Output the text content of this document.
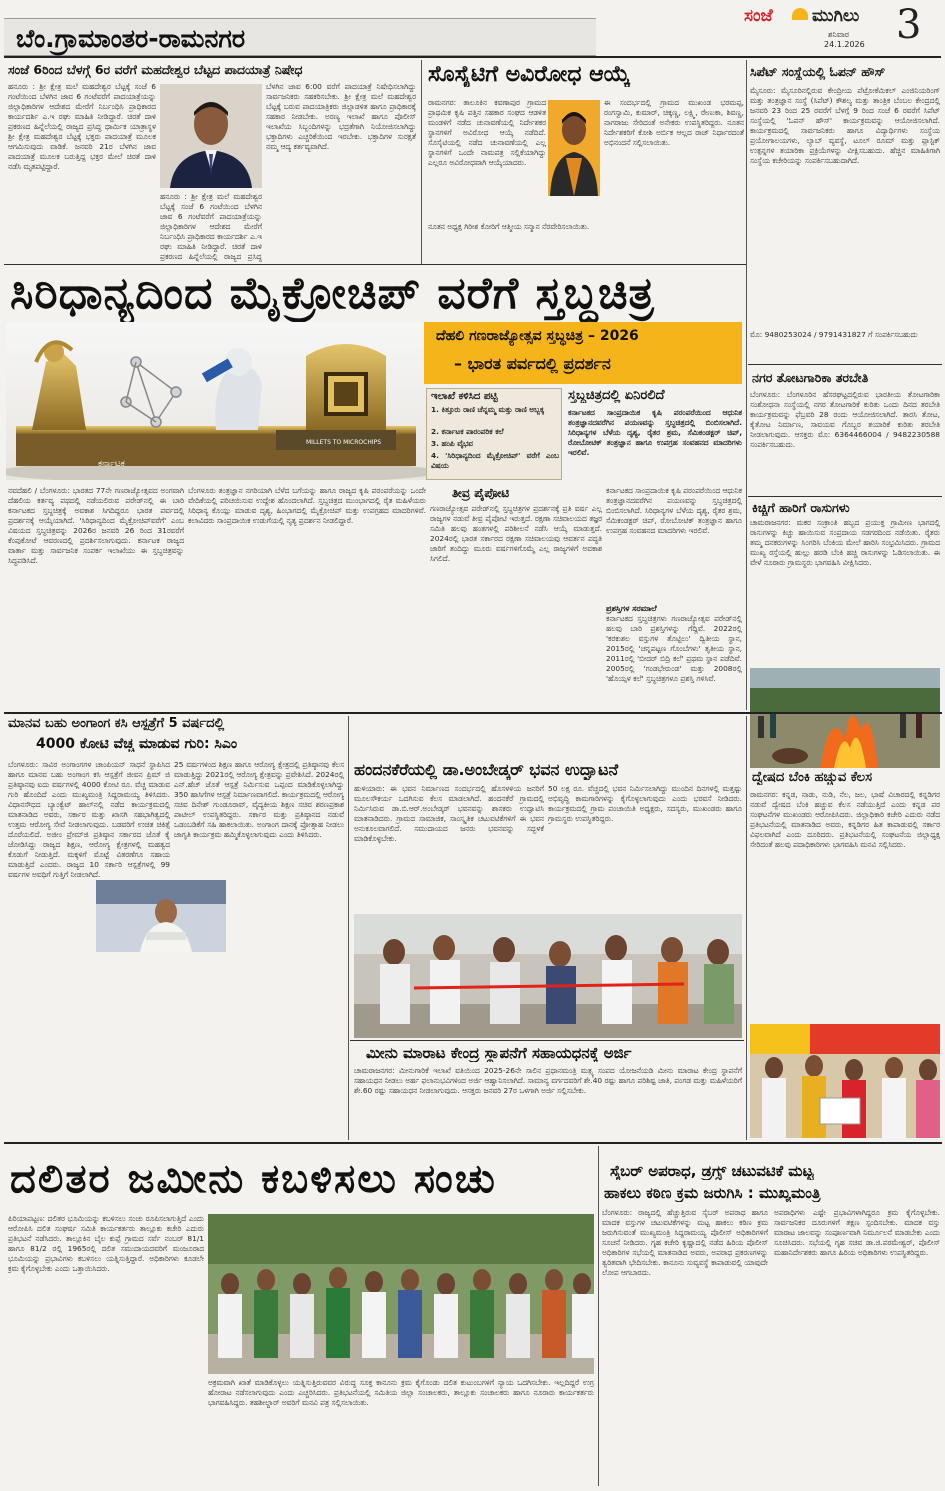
ಬೆಂ.ಗ್ರಾಮಾಂತರ-ರಾಮನಗರ
ಸಂಜೆ ಮುಗಿಲು
ಶನಿವಾರ
24.1.2026 3
ಸಂಜೆ 6ರಿಂದ ಬೆಳಗ್ಗೆ 6ರ ವರೆಗೆ ಮಹದೇಶ್ವರ ಬೆಟ್ಟದ ಪಾದಯಾತ್ರೆ ನಿಷೇಧ
ಹನೂರು : ಶ್ರೀ ಕ್ಷೇತ್ರ ಮಲೆ ಮಹದೇಶ್ವರ ಬೆಟ್ಟಕ್ಕೆ ಸಂಜೆ 6 ಗಂಟೆಯಿಂದ ಬೆಳಗಿನ ಜಾವ 6 ಗಂಟೆವರೆಗೆ ಪಾದಯಾತ್ರೆಯನ್ನು ಜಿಲ್ಲಾಧಿಕಾರಿಗಳ ಆದೇಶದ ಮೇರೆಗೆ ನಿರ್ಬಂಧಿಸಿ ಪ್ರಾಧಿಕಾರದ ಕಾರ್ಯದರ್ಶಿ ಎ.ಇ ರಘು ಮಾಹಿತಿ ನೀಡಿದ್ದಾರೆ. ಚಿರತೆ ದಾಳಿ ಪ್ರಕರಣದ ಹಿನ್ನೆಲೆಯಲ್ಲಿ ರಾಜ್ಯದ ಪ್ರಸಿದ್ಧ ಧಾರ್ಮಿಕ ಯಾತ್ರಾಸ್ಥಳ ಶ್ರೀ ಕ್ಷೇತ್ರ ಮಹದೇಶ್ವರ ಬೆಟ್ಟಕ್ಕೆ ಭಕ್ತರು ಪಾದಯಾತ್ರೆ ಮೂಲಕ ಆಗಮಿಸುವುದು ವಾಡಿಕೆ. ಜನವರಿ 21ರ ಬೆಳಗಿನ ಜಾವ ಪಾದಯಾತ್ರೆ ಮೂಲಕ ಬರುತ್ತಿದ್ದ ಭಕ್ತರ ಮೇಲೆ ಚಿರತೆ ದಾಳಿ ನಡೆಸಿ ಮೃತಪಟ್ಟಿದ್ದಾರೆ.
ಬೆಳಗಿನ ಜಾವ 6:00 ವರೆಗೆ ಪಾದಯಾತ್ರೆ ನಿಷೇಧಿಸಲಾಗಿದ್ದು ಸಾರ್ವಜನಿಕರು ಸಹಕರಿಸಬೇಕು. ಶ್ರೀ ಕ್ಷೇತ್ರ ಮಲೆ ಮಹದೇಶ್ವರ ಬೆಟ್ಟಕ್ಕೆ ಬರುವ ಪಾದಯಾತ್ರಿಕರು ಜಿಲ್ಲಾಡಳಿತ ಹಾಗೂ ಪ್ರಾಧಿಕಾರಕ್ಕೆ ಸಹಕಾರ ನೀಡಬೇಕು. ಅರಣ್ಯ ಇಲಾಖೆ ಹಾಗೂ ಪೊಲೀಸ್ ಇಲಾಖೆಯ ಸಿಬ್ಬಂದಿಗಳನ್ನು ಭದ್ರತೆಗಾಗಿ ನಿಯೋಜಿಸಲಾಗಿದ್ದು ಭಕ್ತಾದಿಗಳು ಎಚ್ಚರಿಕೆಯಿಂದ ಇರಬೇಕು. ಭಕ್ತಾದಿಗಳ ಸುರಕ್ಷತೆ ನಮ್ಮ ಆದ್ಯ ಕರ್ತವ್ಯವಾಗಿದೆ.
ಹನೂರು : ಶ್ರೀ ಕ್ಷೇತ್ರ ಮಲೆ ಮಹದೇಶ್ವರ ಬೆಟ್ಟಕ್ಕೆ ಸಂಜೆ 6 ಗಂಟೆಯಿಂದ ಬೆಳಗಿನ ಜಾವ 6 ಗಂಟೆವರೆಗೆ ಪಾದಯಾತ್ರೆಯನ್ನು ಜಿಲ್ಲಾಧಿಕಾರಿಗಳ ಆದೇಶದ ಮೇರೆಗೆ ನಿರ್ಬಂಧಿಸಿ ಪ್ರಾಧಿಕಾರದ ಕಾರ್ಯದರ್ಶಿ ಎ.ಇ ರಘು ಮಾಹಿತಿ ನೀಡಿದ್ದಾರೆ. ಚಿರತೆ ದಾಳಿ ಪ್ರಕರಣದ ಹಿನ್ನೆಲೆಯಲ್ಲಿ ರಾಜ್ಯದ ಪ್ರಸಿದ್ಧ
ಸೊಸೈಟಿಗೆ ಅವಿರೋಧ ಆಯ್ಕೆ
ರಾಮನಗರ: ತಾಲೂಕಿನ ಕವಣಾಪುರ ಗ್ರಾಮದ ಪ್ರಾಥಮಿಕ ಕೃಷಿ ಪತ್ತಿನ ಸಹಕಾರ ಸಂಘದ ಆಡಳಿತ ಮಂಡಳಿಗೆ ನಡೆದ ಚುನಾವಣೆಯಲ್ಲಿ ನಿರ್ದೇಶಕರ ಸ್ಥಾನಗಳಿಗೆ ಅವಿರೋಧ ಆಯ್ಕೆ ನಡೆದಿದೆ. ಸೊಸೈಟಿಯಲ್ಲಿ ನಡೆದ ಚುನಾವಣೆಯಲ್ಲಿ ಎಲ್ಲ ಸ್ಥಾನಗಳಿಗೆ ಒಂದೇ ನಾಮಪತ್ರ ಸಲ್ಲಿಕೆಯಾಗಿದ್ದು ಎಲ್ಲರೂ ಅವಿರೋಧವಾಗಿ ಆಯ್ಕೆಯಾದರು.
ಈ ಸಂದರ್ಭದಲ್ಲಿ ಗ್ರಾಮದ ಮುಖಂಡ ಭರಮಪ್ಪ, ರಂಗಸ್ವಾಮಿ, ಕುಮಾರ್, ಚಿಕ್ಕಣ್ಣ, ಲಕ್ಷ್ಮಿ, ರೇಣುಕಾ, ಶಿವಣ್ಣ, ನಾಗರಾಜು ಸೇರಿದಂತೆ ಅನೇಕರು ಉಪಸ್ಥಿತರಿದ್ದರು. ನೂತನ ನಿರ್ದೇಶಕರಿಗೆ ಕೋಶಿ ಅರ್ಬಿಕ ಆಲ್ಲದ ರಾಜ್ ನಿರ್ಧಾರದಂತೆ ಅಭಿನಂದನೆ ಸಲ್ಲಿಸಲಾಯಿತು.
ನೂತನ ಅಧ್ಯಕ್ಷ ಗಿರೀಶ ಕೋರಿಗೆ ಆತ್ಮೀಯ ಸನ್ಮಾನ ನೆರವೇರಿಸಲಾಯಿತು.
ಸಿಪೆಟ್ ಸಂಸ್ಥೆಯಲ್ಲಿ ಓಪನ್ ಹೌಸ್
ಮೈಸೂರು: ಮೈಸೂರಿನಲ್ಲಿರುವ ಕೇಂದ್ರೀಯ ಪೆಟ್ರೋಕೆಮಿಕಲ್ ಎಂಜಿನಿಯರಿಂಗ್ ಮತ್ತು ತಂತ್ರಜ್ಞಾನ ಸಂಸ್ಥೆ (ಸಿಪೆಟ್) ಕೌಶಲ್ಯ ಮತ್ತು ತಾಂತ್ರಿಕ ಬೆಂಬಲ ಕೇಂದ್ರದಲ್ಲಿ ಜನವರಿ 23 ರಿಂದ 25 ರವರೆಗೆ ಬೆಳಗ್ಗೆ 9 ರಿಂದ ಸಂಜೆ 6 ರವರೆಗೆ ಸಿಪೆಟ್ ಸಂಸ್ಥೆಯಲ್ಲಿ 'ಓಪನ್ ಹೌಸ್' ಕಾರ್ಯಕ್ರಮವನ್ನು ಆಯೋಜಿಸಲಾಗಿದೆ. ಕಾರ್ಯಕ್ರಮದಲ್ಲಿ ಸಾರ್ವಜನಿಕರು ಹಾಗೂ ವಿದ್ಯಾರ್ಥಿಗಳು ಸಂಸ್ಥೆಯ ಪ್ರಯೋಗಾಲಯಗಳು, ಲ್ಯಾಬ್ ವ್ಯವಸ್ಥೆ, ಟೂಲ್ ರೂಮ್ ಮತ್ತು ಪ್ಲಾಸ್ಟಿಕ್ ಉತ್ಪನ್ನಗಳ ತಯಾರಿಕಾ ಪ್ರಕ್ರಿಯೆಗಳನ್ನು ವೀಕ್ಷಿಸಬಹುದು. ಹೆಚ್ಚಿನ ಮಾಹಿತಿಗಾಗಿ ಸಂಸ್ಥೆಯ ಕಚೇರಿಯನ್ನು ಸಂಪರ್ಕಿಸಬಹುದಾಗಿದೆ.
ಮೊ: 9480253024 / 9791431827 ಗೆ ಸಂಪರ್ಕಿಸಬಹುದು
ನಗರ ತೋಟಗಾರಿಕಾ ತರಬೇತಿ
ಬೆಂಗಳೂರು: ಬೆಂಗಳೂರಿನ ಹೆಸರಘಟ್ಟದಲ್ಲಿರುವ ಭಾರತೀಯ ತೋಟಗಾರಿಕಾ ಸಂಶೋಧನಾ ಸಂಸ್ಥೆಯಲ್ಲಿ ನಗರ ತೋಟಗಾರಿಕೆ ಕುರಿತು ಒಂದು ದಿನದ ತರಬೇತಿ ಕಾರ್ಯಕ್ರಮವನ್ನು ಫೆಬ್ರವರಿ 28 ರಂದು ಆಯೋಜಿಸಲಾಗಿದೆ. ತಾರಸಿ ತೋಟ, ಕೈತೋಟ ನಿರ್ಮಾಣ, ಸಾವಯವ ಗೊಬ್ಬರ ತಯಾರಿಕೆ ಕುರಿತು ತರಬೇತಿ ನೀಡಲಾಗುವುದು. ಆಸಕ್ತರು ಮೊ: 6364466004 / 9482230588 ಸಂಪರ್ಕಿಸಬಹುದು.
ಕಿಚ್ಚಿಗೆ ಹಾರಿಗೆ ರಾಸುಗಳು
ಚಾಮರಾಜನಗರ: ಮಕರ ಸಂಕ್ರಾಂತಿ ಹಬ್ಬದ ಪ್ರಯುಕ್ತ ಗ್ರಾಮೀಣ ಭಾಗದಲ್ಲಿ ರಾಸುಗಳನ್ನು ಕಿಚ್ಚು ಹಾಯಿಸುವ ಸಂಪ್ರದಾಯ ಸಡಗರದಿಂದ ನಡೆಯಿತು. ರೈತರು ತಮ್ಮ ದನಕರುಗಳನ್ನು ಸಿಂಗರಿಸಿ ಬೆಂಕಿಯ ಮೇಲೆ ಹಾರಿಸಿ ಸಂಭ್ರಮಿಸಿದರು. ಗ್ರಾಮದ ಮುಖ್ಯ ರಸ್ತೆಯಲ್ಲಿ ಹುಲ್ಲು ಹರಡಿ ಬೆಂಕಿ ಹಚ್ಚಿ ರಾಸುಗಳನ್ನು ಓಡಿಸಲಾಯಿತು. ಈ ವೇಳೆ ನೂರಾರು ಗ್ರಾಮಸ್ಥರು ಭಾಗವಹಿಸಿ ವೀಕ್ಷಿಸಿದರು.
ಸಿರಿಧಾನ್ಯದಿಂದ ಮೈಕ್ರೋಚಿಪ್ ವರೆಗೆ ಸ್ತಬ್ಧಚಿತ್ರ
MILLETS TO MICROCHIPS
ಕರ್ನಾಟಕ
ದೆಹಲಿ ಗಣರಾಜ್ಯೋತ್ಸವ ಸ್ತಬ್ಧಚಿತ್ರ – 2026
– ಭಾರತ ಪರ್ವದಲ್ಲಿ ಪ್ರದರ್ಶನ
ಇಲಾಖೆ ಕಳಿಸಿದ ಪಟ್ಟಿ
1. ಕಿತ್ತೂರು ರಾಣಿ ಚೆನ್ನಮ್ಮ ಮತ್ತು ರಾಣಿ ಅಬ್ಬಕ್ಕ
2. ಕರ್ನಾಟಕ ಪಾರಂಪರಿಕ ಕಲೆ
3. ಹಂಪಿ ವೈಭವ
4. 'ಸಿರಿಧಾನ್ಯದಿಂದ ಮೈಕ್ರೋಚಿಪ್' ವರೆಗೆ ಎಂಬ ವಿಷಯ
ಸ್ತಬ್ಧಚಿತ್ರದಲ್ಲಿ ಏನಿರಲಿದೆ
ಕರ್ನಾಟಕದ ಸಾಂಪ್ರದಾಯಿಕ ಕೃಷಿ ಪರಂಪರೆಯಿಂದ ಆಧುನಿಕ ತಂತ್ರಜ್ಞಾನದವರೆಗಿನ ಪಯಣವನ್ನು ಸ್ತಬ್ಧಚಿತ್ರದಲ್ಲಿ ಬಿಂಬಿಸಲಾಗಿದೆ. ಸಿರಿಧಾನ್ಯಗಳ ಬೆಳೆಯ ದೃಶ್ಯ, ರೈತರ ಶ್ರಮ, ಸೆಮಿಕಂಡಕ್ಟರ್ ಚಿಪ್, ರೋಬೋಟಿಕ್ ತಂತ್ರಜ್ಞಾನ ಹಾಗೂ ಉಪಗ್ರಹ ಸಂವಹನದ ಮಾದರಿಗಳು ಇರಲಿವೆ.
ನವದೆಹಲಿ / ಬೆಂಗಳೂರು: ಭಾರತದ 77ನೇ ಗಣರಾಜ್ಯೋತ್ಸವದ ಅಂಗವಾಗಿ ದೆಹಲಿಯ ಕರ್ತವ್ಯ ಪಥದಲ್ಲಿ ನಡೆಯಲಿರುವ ಪರೇಡ್‌ನಲ್ಲಿ ಈ ಬಾರಿ ಕರ್ನಾಟಕದ ಸ್ತಬ್ಧಚಿತ್ರಕ್ಕೆ ಅವಕಾಶ ಸಿಗದಿದ್ದರೂ ಭಾರತ ಪರ್ವದಲ್ಲಿ ಪ್ರದರ್ಶನಕ್ಕೆ ಆಯ್ಕೆಯಾಗಿದೆ. 'ಸಿರಿಧಾನ್ಯದಿಂದ ಮೈಕ್ರೋಚಿಪ್‌ವರೆಗೆ' ಎಂಬ ವಿಷಯದ ಸ್ತಬ್ಧಚಿತ್ರವನ್ನು 2026ರ ಜನವರಿ 26 ರಿಂದ 31ರವರೆಗೆ ಕೆಂಪುಕೋಟೆ ಆವರಣದಲ್ಲಿ ಪ್ರದರ್ಶಿಸಲಾಗುವುದು. ಕರ್ನಾಟಕ ರಾಜ್ಯದ ವಾರ್ತಾ ಮತ್ತು ಸಾರ್ವಜನಿಕ ಸಂಪರ್ಕ ಇಲಾಖೆಯು ಈ ಸ್ತಬ್ಧಚಿತ್ರವನ್ನು ಸಿದ್ಧಪಡಿಸಿದೆ.
ಬೆಂಗಳೂರು ತಂತ್ರಜ್ಞಾನ ನಗರಿಯಾಗಿ ಬೆಳೆದ ಬಗೆಯನ್ನು ಹಾಗೂ ರಾಜ್ಯದ ಕೃಷಿ ಪರಂಪರೆಯನ್ನು ಒಂದೇ ವೇದಿಕೆಯಲ್ಲಿ ಪರಿಚಯಿಸುವ ಉದ್ದೇಶ ಹೊಂದಲಾಗಿದೆ. ಸ್ತಬ್ಧಚಿತ್ರದ ಮುಂಭಾಗದಲ್ಲಿ ರೈತ ಮಹಿಳೆಯರು ಸಿರಿಧಾನ್ಯ ಕೊಯ್ಲು ಮಾಡುವ ದೃಶ್ಯ, ಹಿಂಭಾಗದಲ್ಲಿ ಮೈಕ್ರೋಚಿಪ್ ಮತ್ತು ಉಪಗ್ರಹದ ಮಾದರಿಗಳಿವೆ. ಕಲಾವಿದರು ಸಾಂಪ್ರದಾಯಿಕ ಉಡುಗೆಯಲ್ಲಿ ನೃತ್ಯ ಪ್ರದರ್ಶನ ನೀಡಲಿದ್ದಾರೆ.
ತೀವ್ರ ಪೈಪೋಟಿ
ಗಣರಾಜ್ಯೋತ್ಸವ ಪರೇಡ್‌ನಲ್ಲಿ ಸ್ತಬ್ಧಚಿತ್ರಗಳ ಪ್ರದರ್ಶನಕ್ಕೆ ಪ್ರತಿ ವರ್ಷ ಎಲ್ಲ ರಾಜ್ಯಗಳ ನಡುವೆ ತೀವ್ರ ಪೈಪೋಟಿ ಇರುತ್ತದೆ. ರಕ್ಷಣಾ ಸಚಿವಾಲಯದ ತಜ್ಞರ ಸಮಿತಿ ಹಲವು ಹಂತಗಳಲ್ಲಿ ಪರಿಶೀಲನೆ ನಡೆಸಿ ಆಯ್ಕೆ ಮಾಡುತ್ತದೆ. 2024ರಲ್ಲಿ ಭಾರತ ಸರ್ಕಾರದ ರಕ್ಷಣಾ ಸಚಿವಾಲಯವು ಆವರ್ತನ ಪದ್ಧತಿ ಜಾರಿಗೆ ತಂದಿದ್ದು ಮೂರು ವರ್ಷಗಳಿಗೊಮ್ಮೆ ಎಲ್ಲ ರಾಜ್ಯಗಳಿಗೆ ಅವಕಾಶ ಸಿಗಲಿದೆ.
ಪ್ರಶಸ್ತಿಗಳ ಸರಮಾಲೆ
ಕರ್ನಾಟಕದ ಸ್ತಬ್ಧಚಿತ್ರಗಳು ಗಣರಾಜ್ಯೋತ್ಸವ ಪರೇಡ್‌ನಲ್ಲಿ ಹಲವು ಬಾರಿ ಪ್ರಶಸ್ತಿಗಳನ್ನು ಗೆದ್ದಿವೆ. 2022ರಲ್ಲಿ 'ಕರಕುಶಲ ವಸ್ತುಗಳ ತೊಟ್ಟಿಲು' ದ್ವಿತೀಯ ಸ್ಥಾನ, 2015ರಲ್ಲಿ 'ಚನ್ನಪಟ್ಟಣ ಗೊಂಬೆಗಳು' ತೃತೀಯ ಸ್ಥಾನ, 2011ರಲ್ಲಿ 'ಬೀದರ್ ಬಿದ್ರಿ ಕಲೆ' ಪ್ರಥಮ ಸ್ಥಾನ ಪಡೆದಿವೆ. 2005ರಲ್ಲಿ 'ಗಂಡಭೇರುಂಡ' ಮತ್ತು 2008ರಲ್ಲಿ 'ಹೊಯ್ಸಳ ಕಲೆ' ಸ್ತಬ್ಧಚಿತ್ರಗಳೂ ಪ್ರಶಸ್ತಿ ಗಳಿಸಿವೆ.
ಕರ್ನಾಟಕದ ಸಾಂಪ್ರದಾಯಿಕ ಕೃಷಿ ಪರಂಪರೆಯಿಂದ ಆಧುನಿಕ ತಂತ್ರಜ್ಞಾನದವರೆಗಿನ ಪಯಣವನ್ನು ಸ್ತಬ್ಧಚಿತ್ರದಲ್ಲಿ ಬಿಂಬಿಸಲಾಗಿದೆ. ಸಿರಿಧಾನ್ಯಗಳ ಬೆಳೆಯ ದೃಶ್ಯ, ರೈತರ ಶ್ರಮ, ಸೆಮಿಕಂಡಕ್ಟರ್ ಚಿಪ್, ರೋಬೋಟಿಕ್ ತಂತ್ರಜ್ಞಾನ ಹಾಗೂ ಉಪಗ್ರಹ ಸಂವಹನದ ಮಾದರಿಗಳು ಇರಲಿವೆ.
ಮಾನವ ಬಹು ಅಂಗಾಂಗ ಕಸಿ ಆಸ್ಪತ್ರೆಗೆ 5 ವರ್ಷದಲ್ಲಿ
4000 ಕೋಟಿ ವೆಚ್ಚ ಮಾಡುವ ಗುರಿ: ಸಿಎಂ
ಬೆಂಗಳೂರು: ಸಾವಿರ ಅಂಗಾಂಗಗಳ ಚಾಂಪಿಯನ್ ಸಾಧನೆ ಸ್ಥಾಪಿಸಿದ ಹಾಗೂ ಮಾನವ ಬಹು ಅಂಗಾಂಗ ಕಸಿ ಆಸ್ಪತ್ರೆಗೆ ಜೀವನ ಪ್ರಿಮ್ ಜಿ ಪ್ರತಿಷ್ಠಾನವು ಐದು ವರ್ಷಗಳಲ್ಲಿ 4000 ಕೋಟಿ ರೂ. ವೆಚ್ಚ ಮಾಡುವ ಗುರಿ ಹೊಂದಿದೆ ಎಂದು ಮುಖ್ಯಮಂತ್ರಿ ಸಿದ್ದರಾಮಯ್ಯ ತಿಳಿಸಿದರು. ವಿಧಾನಸೌಧದ ಬ್ಯಾಂಕ್ವೆಟ್ ಹಾಲ್‌ನಲ್ಲಿ ನಡೆದ ಕಾರ್ಯಕ್ರಮದಲ್ಲಿ ಮಾತನಾಡಿದ ಅವರು, ಸರ್ಕಾರ ಮತ್ತು ಖಾಸಗಿ ಸಹಭಾಗಿತ್ವದಲ್ಲಿ ಉತ್ತಮ ಆರೋಗ್ಯ ಸೇವೆ ನೀಡಲಾಗುವುದು. ಬಡವರಿಗೆ ಉಚಿತ ಚಿಕಿತ್ಸೆ ದೊರೆಯಲಿದೆ. ಅಜೀಂ ಪ್ರೇಮ್‌ಜಿ ಪ್ರತಿಷ್ಠಾನ ಸರ್ಕಾರದ ಜೊತೆ ಕೈ ಜೋಡಿಸಿದ್ದು ರಾಜ್ಯದ ಶಿಕ್ಷಣ, ಆರೋಗ್ಯ ಕ್ಷೇತ್ರಗಳಲ್ಲಿ ಮಹತ್ವದ ಕೊಡುಗೆ ನೀಡುತ್ತಿದೆ. ಮಕ್ಕಳಿಗೆ ಮೊಟ್ಟೆ ವಿತರಣೆಗೂ ಸಹಾಯ ಮಾಡುತ್ತಿದೆ ಎಂದರು. ರಾಜ್ಯದ 10 ಸರ್ಕಾರಿ ಆಸ್ಪತ್ರೆಗಳಲ್ಲಿ 99 ವರ್ಷಗಳ ಅವಧಿಗೆ ಗುತ್ತಿಗೆ ನೀಡಲಾಗಿದೆ.
25 ವರ್ಷಗಳಿಂದ ಶಿಕ್ಷಣ ಹಾಗೂ ಆರೋಗ್ಯ ಕ್ಷೇತ್ರದಲ್ಲಿ ಪ್ರತಿಷ್ಠಾನವು ಕೆಲಸ ಮಾಡುತ್ತಿದ್ದು 2021ರಲ್ಲಿ ಆರೋಗ್ಯ ಕ್ಷೇತ್ರವನ್ನು ಪ್ರವೇಶಿಸಿದೆ. 2024ರಲ್ಲಿ ಎನ್.ಹೆಚ್ ಜೊತೆ ಆಸ್ಪತ್ರೆ ನಿರ್ಮಿಸುವ ಒಪ್ಪಂದ ಮಾಡಿಕೊಳ್ಳಲಾಗಿದ್ದು 350 ಹಾಸಿಗೆಗಳ ಆಸ್ಪತ್ರೆ ನಿರ್ಮಾಣವಾಗಲಿದೆ. ಕಾರ್ಯಕ್ರಮದಲ್ಲಿ ಆರೋಗ್ಯ ಸಚಿವ ದಿನೇಶ್ ಗುಂಡೂರಾವ್, ವೈದ್ಯಕೀಯ ಶಿಕ್ಷಣ ಸಚಿವ ಶರಣಪ್ರಕಾಶ ಪಾಟೀಲ್ ಉಪಸ್ಥಿತರಿದ್ದರು. ಸರ್ಕಾರ ಮತ್ತು ಪ್ರತಿಷ್ಠಾನದ ನಡುವೆ ಒಡಂಬಡಿಕೆಗೆ ಸಹಿ ಹಾಕಲಾಯಿತು. ಅಂಗಾಂಗ ದಾನಕ್ಕೆ ಪ್ರೋತ್ಸಾಹ ನೀಡಲು ಜಾಗೃತಿ ಕಾರ್ಯಕ್ರಮ ಹಮ್ಮಿಕೊಳ್ಳಲಾಗುವುದು ಎಂದು ತಿಳಿಸಿದರು.
ಹಂದನಕೆರೆಯಲ್ಲಿ ಡಾ.ಅಂಬೇಡ್ಕರ್ ಭವನ ಉದ್ಘಾಟನೆ
ಹುಳಿಯಾರು: ಈ ಭವನ ನಿರ್ಮಾಣದ ಸಂದರ್ಭದಲ್ಲಿ ಹೊಸಳಳಿಯ ಜನರಿಗೆ ಮೂಲಸೌಕರ್ಯ ಒದಗಿಸುವ ಕೆಲಸ ಮಾಡಲಾಗಿದೆ. ಹಂದನಕೆರೆ ಗ್ರಾಮದಲ್ಲಿ ನಿರ್ಮಿಸಿರುವ ಡಾ.ಬಿ.ಆರ್.ಅಂಬೇಡ್ಕರ್ ಭವನವನ್ನು ಶಾಸಕರು ಉದ್ಘಾಟಿಸಿ ಮಾತನಾಡಿದರು. ಗ್ರಾಮದ ಸಾಮಾಜಿಕ, ಸಾಂಸ್ಕೃತಿಕ ಚಟುವಟಿಕೆಗಳಿಗೆ ಈ ಭವನ ಅನುಕೂಲವಾಗಲಿದೆ. ಸಮುದಾಯದ ಜನರು ಭವನವನ್ನು ಸದ್ಬಳಕೆ ಮಾಡಿಕೊಳ್ಳಬೇಕು.
50 ಲಕ್ಷ ರೂ. ವೆಚ್ಚದಲ್ಲಿ ಭವನ ನಿರ್ಮಿಸಲಾಗಿದ್ದು ಮುಂದಿನ ದಿನಗಳಲ್ಲಿ ಮತ್ತಷ್ಟು ಅಭಿವೃದ್ಧಿ ಕಾಮಗಾರಿಗಳನ್ನು ಕೈಗೊಳ್ಳಲಾಗುವುದು ಎಂದು ಭರವಸೆ ನೀಡಿದರು. ಕಾರ್ಯಕ್ರಮದಲ್ಲಿ ಗ್ರಾಮ ಪಂಚಾಯಿತಿ ಅಧ್ಯಕ್ಷರು, ಸದಸ್ಯರು, ಮುಖಂಡರು ಹಾಗೂ ಗ್ರಾಮಸ್ಥರು ಉಪಸ್ಥಿತರಿದ್ದರು.
ಮೀನು ಮಾರಾಟ ಕೇಂದ್ರ ಸ್ಥಾಪನೆಗೆ ಸಹಾಯಧನಕ್ಕೆ ಅರ್ಜಿ
ಚಾಮರಾಜನಗರ: ಮೀನುಗಾರಿಕೆ ಇಲಾಖೆ ವತಿಯಿಂದ 2025-26ನೇ ಸಾಲಿನ ಪ್ರಧಾನಮಂತ್ರಿ ಮತ್ಸ್ಯ ಸಂಪದ ಯೋಜನೆಯಡಿ ಮೀನು ಮಾರಾಟ ಕೇಂದ್ರ ಸ್ಥಾಪನೆಗೆ ಸಹಾಯಧನ ನೀಡಲು ಅರ್ಹ ಫಲಾನುಭವಿಗಳಿಂದ ಅರ್ಜಿ ಆಹ್ವಾನಿಸಲಾಗಿದೆ. ಸಾಮಾನ್ಯ ವರ್ಗದವರಿಗೆ ಶೇ.40 ರಷ್ಟು ಹಾಗೂ ಪರಿಶಿಷ್ಟ ಜಾತಿ, ಪಂಗಡ ಮತ್ತು ಮಹಿಳೆಯರಿಗೆ ಶೇ.60 ರಷ್ಟು ಸಹಾಯಧನ ನೀಡಲಾಗುವುದು. ಆಸಕ್ತರು ಜನವರಿ 27ರ ಒಳಗಾಗಿ ಅರ್ಜಿ ಸಲ್ಲಿಸಬೇಕು.
ದ್ವೇಷದ ಬೆಂಕಿ ಹಚ್ಚುವ ಕೆಲಸ
ರಾಮನಗರ: ಕನ್ನಡ, ನಾಡು, ನುಡಿ, ನೆಲ, ಜಲ, ಭಾಷೆ ವಿಚಾರದಲ್ಲಿ ಕನ್ನಡಿಗರ ನಡುವೆ ದ್ವೇಷದ ಬೆಂಕಿ ಹಚ್ಚುವ ಕೆಲಸ ನಡೆಯುತ್ತಿದೆ ಎಂದು ಕನ್ನಡ ಪರ ಸಂಘಟನೆಗಳ ಮುಖಂಡರು ಆರೋಪಿಸಿದರು. ಜಿಲ್ಲಾಧಿಕಾರಿ ಕಚೇರಿ ಎದುರು ನಡೆದ ಪ್ರತಿಭಟನೆಯಲ್ಲಿ ಮಾತನಾಡಿದ ಅವರು, ಕನ್ನಡಿಗರ ಹಿತ ಕಾಪಾಡುವಲ್ಲಿ ಸರ್ಕಾರ ವಿಫಲವಾಗಿದೆ ಎಂದು ದೂರಿದರು. ಪ್ರತಿಭಟನೆಯಲ್ಲಿ ಸಂಘಟನೆಯ ಜಿಲ್ಲಾಧ್ಯಕ್ಷ ಸೇರಿದಂತೆ ಹಲವು ಪದಾಧಿಕಾರಿಗಳು ಭಾಗವಹಿಸಿ ಮನವಿ ಸಲ್ಲಿಸಿದರು.
ದಲಿತರ ಜಮೀನು ಕಬಳಿಸಲು ಸಂಚು
ಪಿರಿಯಾಪಟ್ಟಣ: ದಲಿತರ ಭೂಮಿಯನ್ನು ಕಬಳಿಸಲು ಸಂಚು ರೂಪಿಸಲಾಗುತ್ತಿದೆ ಎಂದು ಆರೋಪಿಸಿ ದಲಿತ ಸಂಘರ್ಷ ಸಮಿತಿ ಕಾರ್ಯಕರ್ತರು ತಾಲ್ಲೂಕು ಕಚೇರಿ ಎದುರು ಪ್ರತಿಭಟನೆ ನಡೆಸಿದರು. ತಾಲ್ಲೂಕಿನ ಬೈಲ ಕುಪ್ಪೆ ಗ್ರಾಮದ ಸರ್ವೆ ನಂಬರ್ 81/1 ಹಾಗೂ 81/2 ರಲ್ಲಿ 1965ರಲ್ಲಿ ದಲಿತ ಸಮುದಾಯದವರಿಗೆ ಮಂಜೂರಾದ ಭೂಮಿಯನ್ನು ಪ್ರಭಾವಿಗಳು ಕಬಳಿಸಲು ಯತ್ನಿಸುತ್ತಿದ್ದಾರೆ. ಅಧಿಕಾರಿಗಳು ಕೂಡಲೇ ಕ್ರಮ ಕೈಗೊಳ್ಳಬೇಕು ಎಂದು ಒತ್ತಾಯಿಸಿದರು.
ಅಕ್ರಮವಾಗಿ ಖಾತೆ ಮಾಡಿಕೊಳ್ಳಲು ಯತ್ನಿಸುತ್ತಿರುವವರ ವಿರುದ್ಧ ಸೂಕ್ತ ಕಾನೂನು ಕ್ರಮ ಕೈಗೊಂಡು ದಲಿತ ಕುಟುಂಬಗಳಿಗೆ ನ್ಯಾಯ ಒದಗಿಸಬೇಕು. ಇಲ್ಲದಿದ್ದರೆ ಉಗ್ರ ಹೋರಾಟ ನಡೆಸಲಾಗುವುದು ಎಂದು ಎಚ್ಚರಿಸಿದರು. ಪ್ರತಿಭಟನೆಯಲ್ಲಿ ಸಮಿತಿಯ ಜಿಲ್ಲಾ ಸಂಚಾಲಕರು, ತಾಲ್ಲೂಕು ಸಂಚಾಲಕರು ಹಾಗೂ ನೂರಾರು ಕಾರ್ಯಕರ್ತರು ಭಾಗವಹಿಸಿದ್ದರು. ತಹಶೀಲ್ದಾರ್ ಅವರಿಗೆ ಮನವಿ ಪತ್ರ ಸಲ್ಲಿಸಲಾಯಿತು.
ಸೈಬರ್ ಅಪರಾಧ, ಡ್ರಗ್ಸ್ ಚಟುವಟಿಕೆ ಮಟ್ಟ
ಹಾಕಲು ಕಠಿಣ ಕ್ರಮ ಜರುಗಿಸಿ : ಮುಖ್ಯಮಂತ್ರಿ
ಬೆಂಗಳೂರು: ರಾಜ್ಯದಲ್ಲಿ ಹೆಚ್ಚುತ್ತಿರುವ ಸೈಬರ್ ಅಪರಾಧ ಹಾಗೂ ಮಾದಕ ವಸ್ತುಗಳ ಚಟುವಟಿಕೆಗಳನ್ನು ಮಟ್ಟ ಹಾಕಲು ಕಠಿಣ ಕ್ರಮ ಜರುಗಿಸುವಂತೆ ಮುಖ್ಯಮಂತ್ರಿ ಸಿದ್ದರಾಮಯ್ಯ ಪೊಲೀಸ್ ಅಧಿಕಾರಿಗಳಿಗೆ ಸೂಚನೆ ನೀಡಿದರು. ಗೃಹ ಕಚೇರಿ ಕೃಷ್ಣಾದಲ್ಲಿ ನಡೆದ ಹಿರಿಯ ಪೊಲೀಸ್ ಅಧಿಕಾರಿಗಳ ಸಭೆಯಲ್ಲಿ ಮಾತನಾಡಿದ ಅವರು, ಅಪರಾಧ ಪ್ರಕರಣಗಳನ್ನು ತ್ವರಿತವಾಗಿ ಭೇದಿಸಬೇಕು. ಕಾನೂನು ಸುವ್ಯವಸ್ಥೆ ಕಾಪಾಡುವಲ್ಲಿ ಯಾವುದೇ ಲೋಪ ಆಗಬಾರದು.
ಅಪರಾಧಿಗಳು ಎಷ್ಟೇ ಪ್ರಭಾವಿಗಳಾಗಿದ್ದರೂ ಕ್ರಮ ಕೈಗೊಳ್ಳಬೇಕು. ಸಾರ್ವಜನಿಕರ ದೂರುಗಳಿಗೆ ತಕ್ಷಣ ಸ್ಪಂದಿಸಬೇಕು. ಮಾದಕ ವಸ್ತು ಮಾರಾಟ ಜಾಲವನ್ನು ಸಂಪೂರ್ಣವಾಗಿ ನಿರ್ಮೂಲನೆ ಮಾಡಬೇಕು ಎಂದು ಸೂಚಿಸಿದರು. ಸಭೆಯಲ್ಲಿ ಗೃಹ ಸಚಿವ ಡಾ.ಜಿ.ಪರಮೇಶ್ವರ್, ಪೊಲೀಸ್ ಮಹಾನಿರ್ದೇಶಕರು ಹಾಗೂ ಹಿರಿಯ ಅಧಿಕಾರಿಗಳು ಉಪಸ್ಥಿತರಿದ್ದರು.
